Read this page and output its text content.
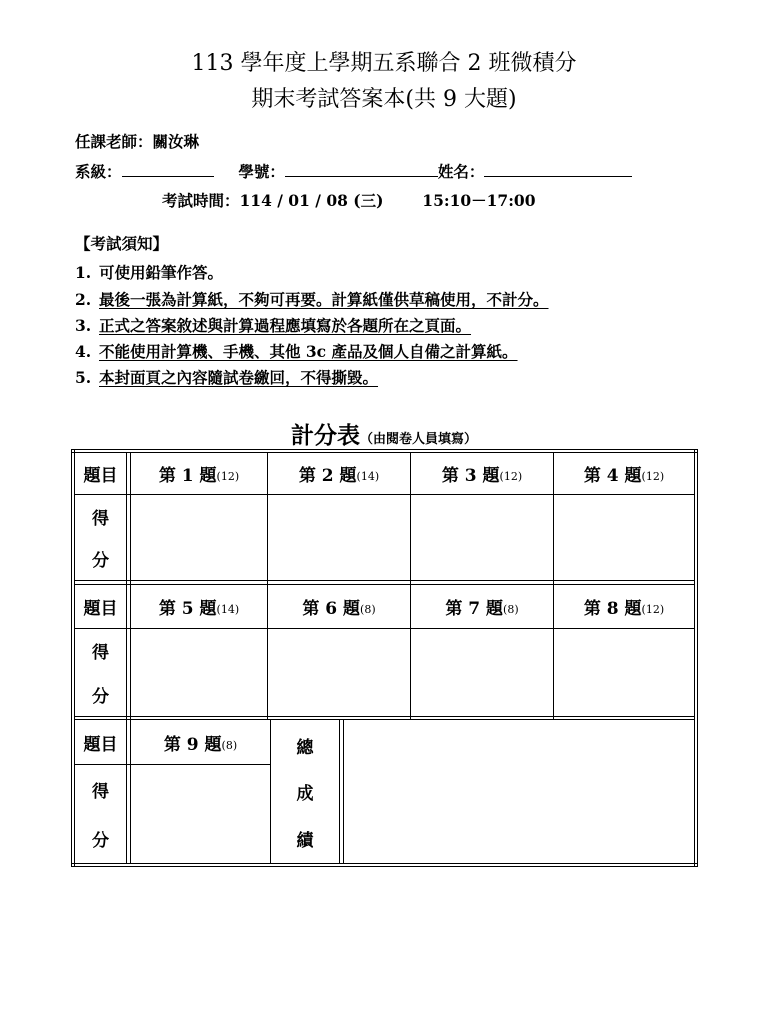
113 學年度上學期五系聯合 2 班微積分
期末考試答案本(共 9 大題)
任課老師：關汝琳
系級：	學號：	姓名：
考試時間：114 / 01 / 08 (三)	15:10－17:00
【考試須知】
1. 可使用鉛筆作答。
2. 最後一張為計算紙，不夠可再要。計算紙僅供草稿使用，不計分。
3. 正式之答案敘述與計算過程應填寫於各題所在之頁面。
4. 不能使用計算機、手機、其他 3c 產品及個人自備之計算紙。
5. 本封面頁之內容隨試卷繳回，不得撕毀。
計分表（由閱卷人員填寫）
題目	第 1 題$_{(12)}$	第 2 題$_{(14)}$	第 3 題$_{(12)}$	第 4 題$_{(12)}$
得
分
題目	第 5 題$_{(14)}$	第 6 題$_{(8)}$	第 7 題$_{(8)}$	第 8 題$_{(12)}$
得
分
題目	第 9 題$_{(8)}$
得
分
總
成
績
